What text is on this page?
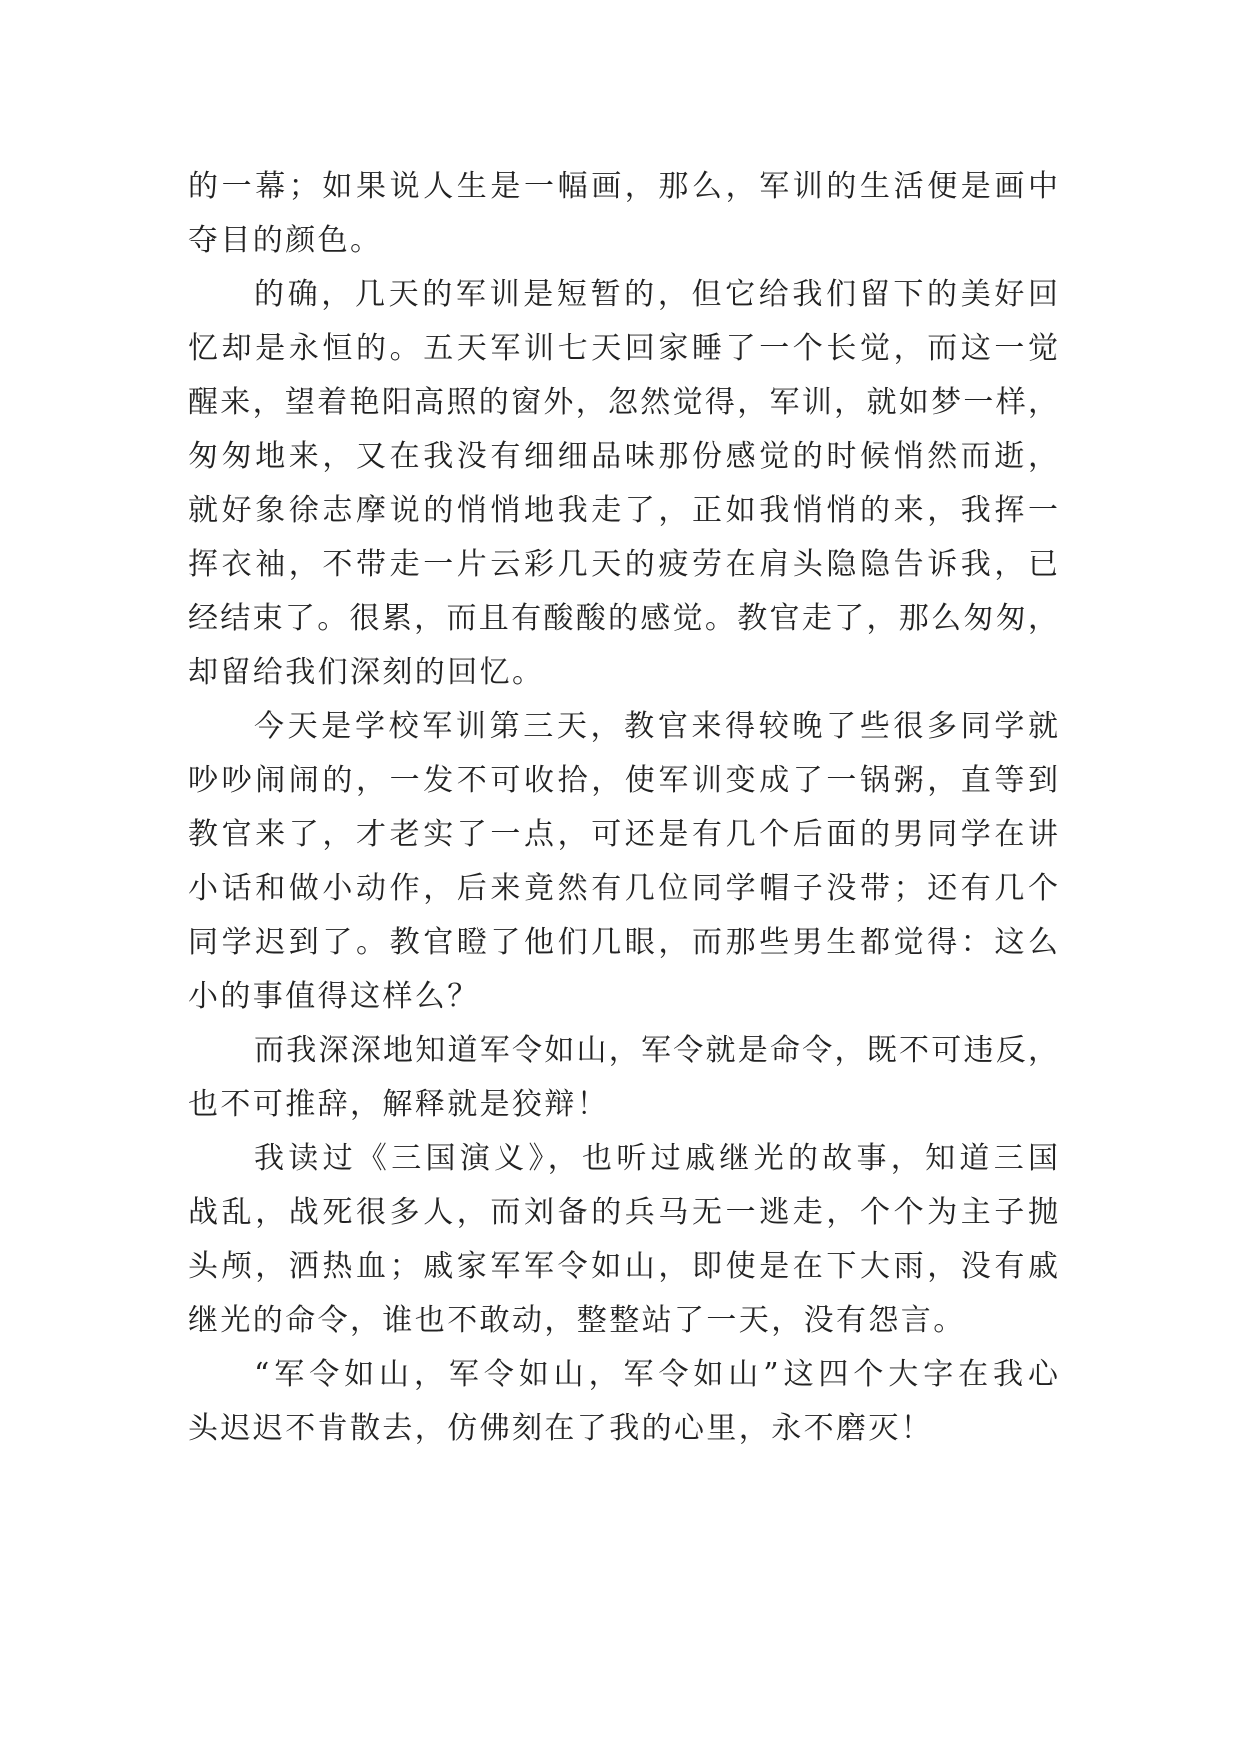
的一幕；如果说人生是一幅画，那么，军训的生活便是画中
夺目的颜色。
的确，几天的军训是短暂的，但它给我们留下的美好回
忆却是永恒的。五天军训七天回家睡了一个长觉，而这一觉
醒来，望着艳阳高照的窗外，忽然觉得，军训，就如梦一样，
匆匆地来，又在我没有细细品味那份感觉的时候悄然而逝，
就好象徐志摩说的悄悄地我走了，正如我悄悄的来，我挥一
挥衣袖，不带走一片云彩几天的疲劳在肩头隐隐告诉我，已
经结束了。很累，而且有酸酸的感觉。教官走了，那么匆匆，
却留给我们深刻的回忆。
今天是学校军训第三天，教官来得较晚了些很多同学就
吵吵闹闹的，一发不可收拾，使军训变成了一锅粥，直等到
教官来了，才老实了一点，可还是有几个后面的男同学在讲
小话和做小动作，后来竟然有几位同学帽子没带；还有几个
同学迟到了。教官瞪了他们几眼，而那些男生都觉得：这么
小的事值得这样么？
而我深深地知道军令如山，军令就是命令，既不可违反，
也不可推辞，解释就是狡辩！
我读过《三国演义》，也听过戚继光的故事，知道三国
战乱，战死很多人，而刘备的兵马无一逃走，个个为主子抛
头颅，洒热血；戚家军军令如山，即使是在下大雨，没有戚
继光的命令，谁也不敢动，整整站了一天，没有怨言。
“军令如山，军令如山，军令如山”这四个大字在我心
头迟迟不肯散去，仿佛刻在了我的心里，永不磨灭！
